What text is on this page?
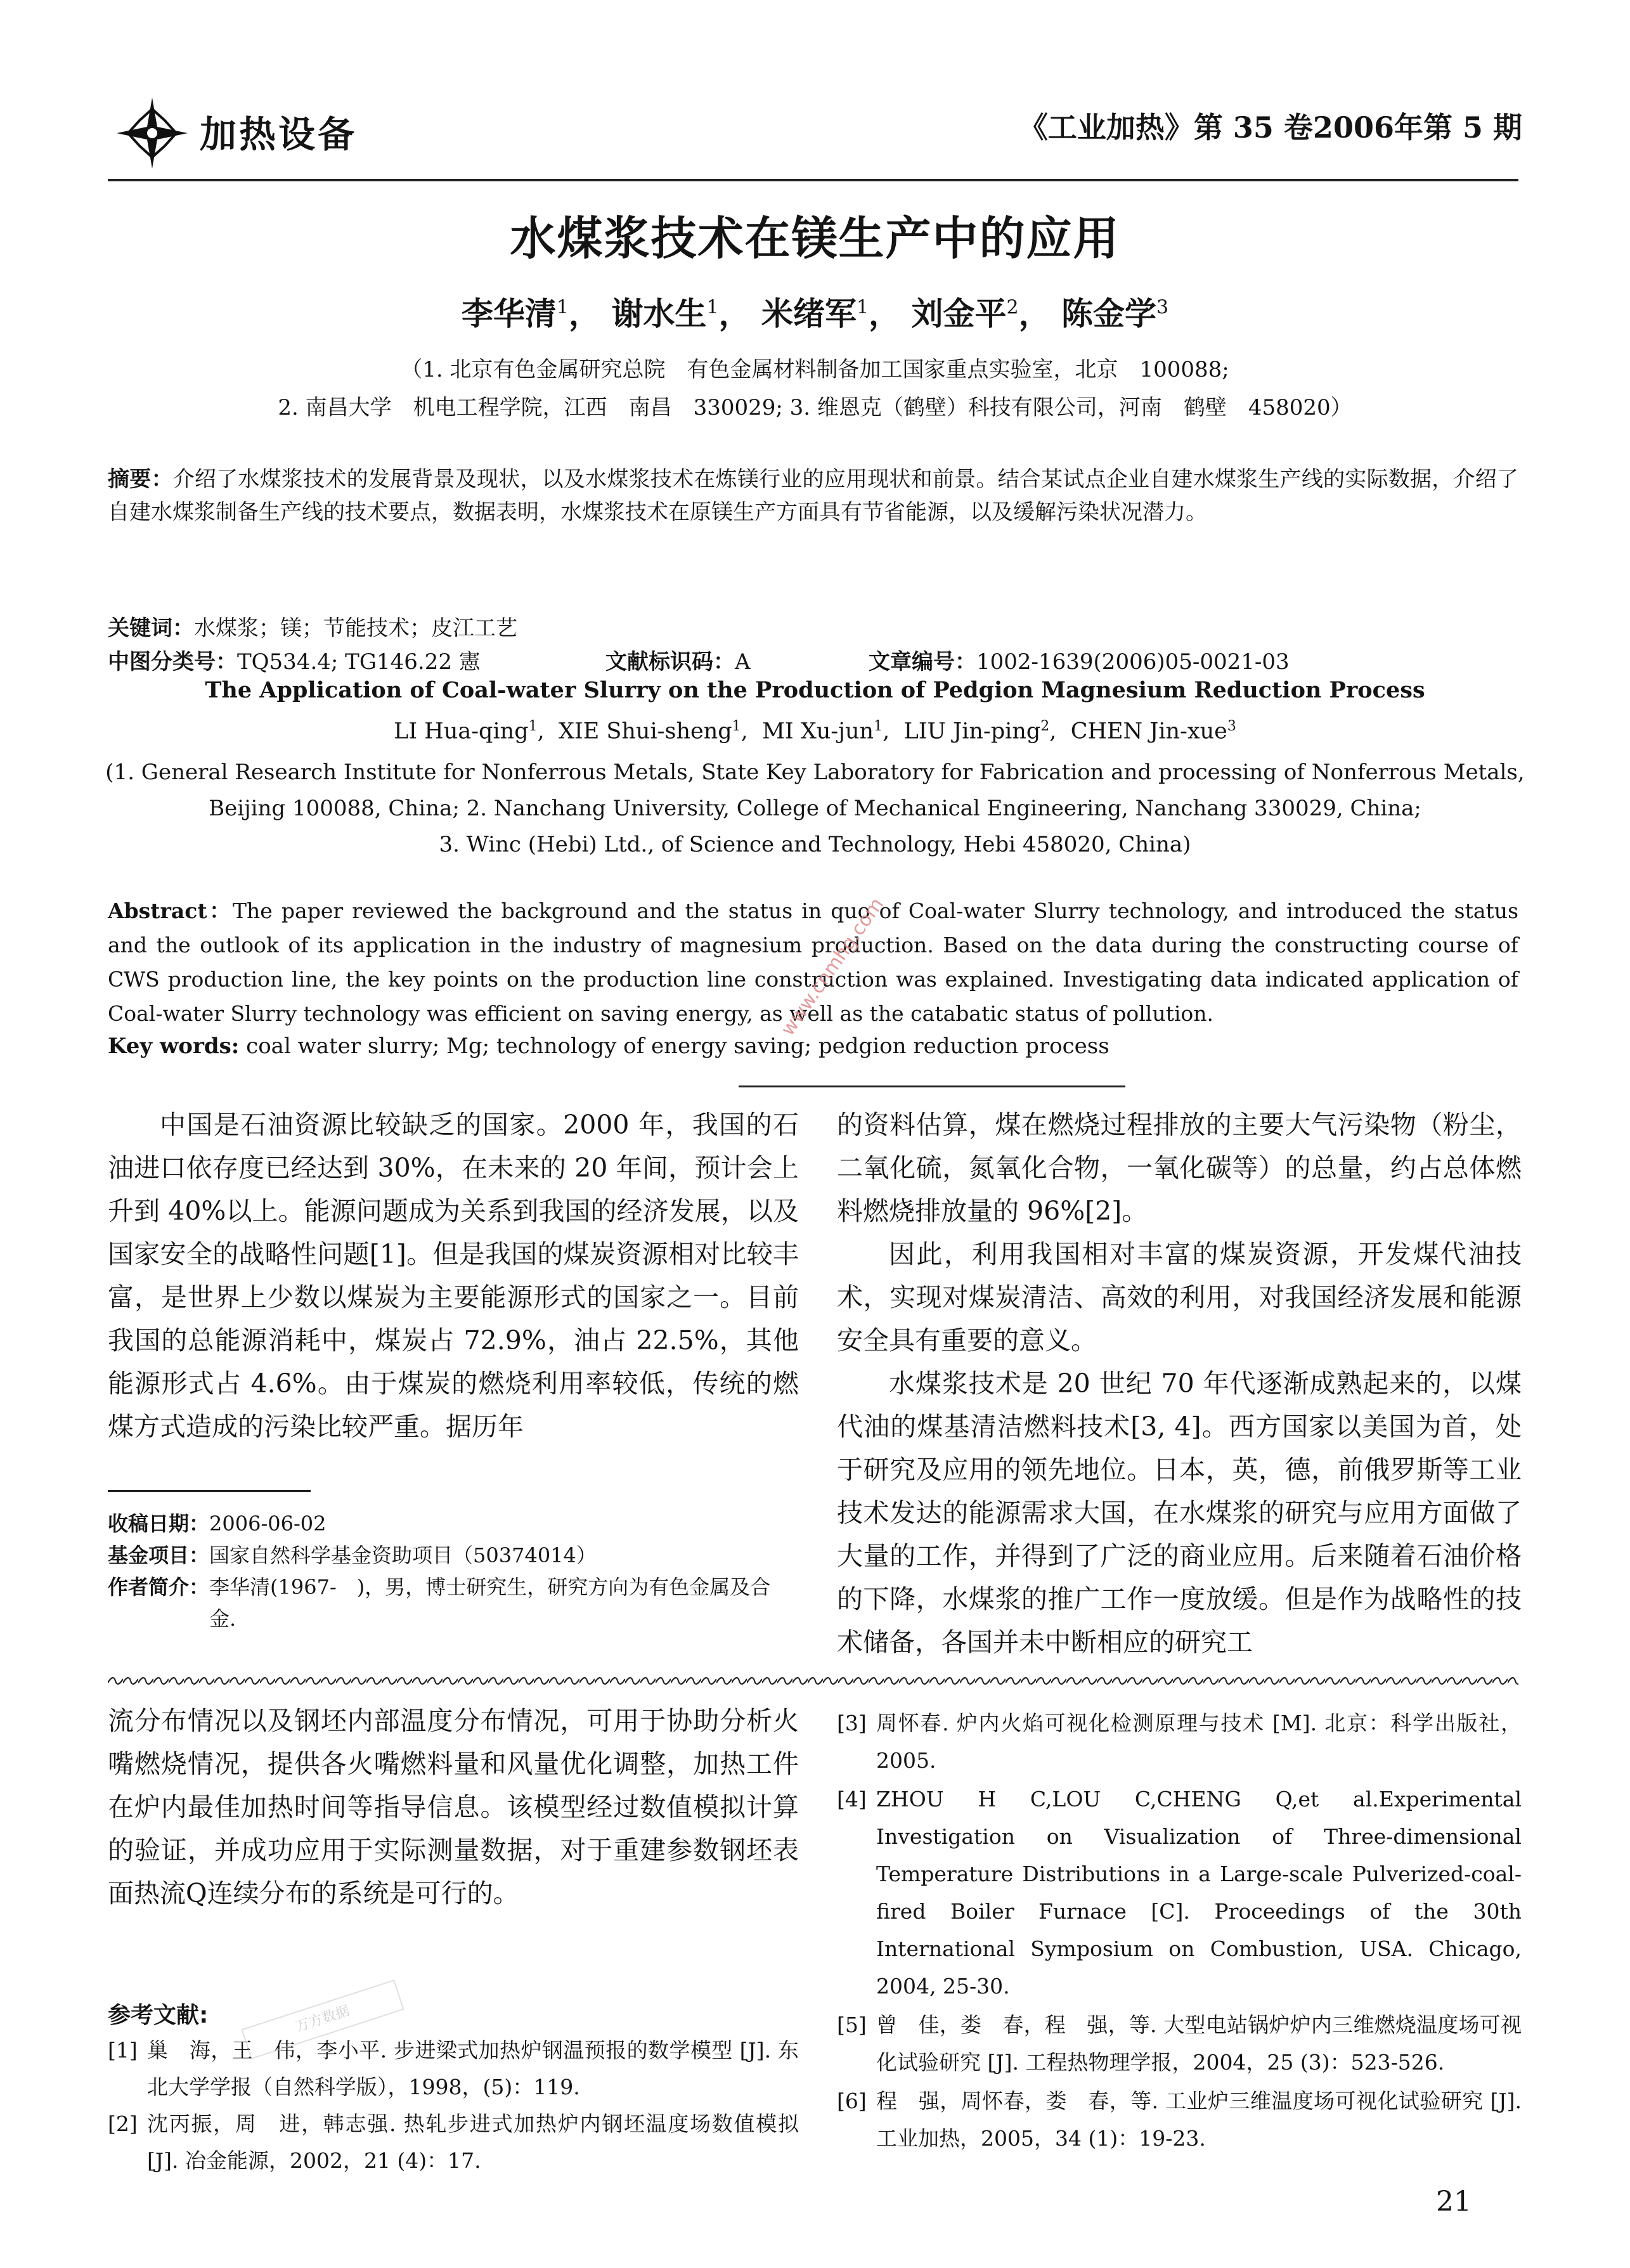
加热设备	《工业加热》第 35 卷2006年第 5 期
水煤浆技术在镁生产中的应用
李华清$^1$， 谢水生$^1$， 米绪军$^1$， 刘金平$^2$， 陈金学$^3$
（1. 北京有色金属研究总院　有色金属材料制备加工国家重点实验室，北京　100088;
2. 南昌大学　机电工程学院，江西　南昌　330029; 3. 维恩克（鹤壁）科技有限公司，河南　鹤壁　458020）
摘要：介绍了水煤浆技术的发展背景及现状，以及水煤浆技术在炼镁行业的应用现状和前景。结合某试点企业自建水煤浆生产线的实际数据，介绍了自建水煤浆制备生产线的技术要点，数据表明，水煤浆技术在原镁生产方面具有节省能源，以及缓解污染状况潜力。
关键词：水煤浆；镁；节能技术；皮江工艺
中图分类号：TQ534.4; TG146.22 憲	文献标识码：A	文章编号：1002-1639(2006)05-0021-03
The Application of Coal-water Slurry on the Production of Pedgion Magnesium Reduction Process
LI Hua-qing$^1$,  XIE Shui-sheng$^1$,  MI Xu-jun$^1$,  LIU Jin-ping$^2$,  CHEN Jin-xue$^3$
(1. General Research Institute for Nonferrous Metals, State Key Laboratory for Fabrication and processing of Nonferrous Metals,
Beijing 100088, China; 2. Nanchang University, College of Mechanical Engineering, Nanchang 330029, China;
3. Winc (Hebi) Ltd., of Science and Technology, Hebi 458020, China)
Abstract：The paper reviewed the background and the status in quo of Coal-water Slurry technology, and introduced the status and the outlook of its application in the industry of magnesium production. Based on the data during the constructing course of CWS production line, the key points on the production line construction was explained. Investigating data indicated application of Coal-water Slurry technology was efficient on saving energy, as well as the catabatic status of pollution.
Key words: coal water slurry; Mg; technology of energy saving; pedgion reduction process

中国是石油资源比较缺乏的国家。2000 年，我国的石油进口依存度已经达到 30%，在未来的 20 年间，预计会上升到 40%以上。能源问题成为关系到我国的经济发展，以及国家安全的战略性问题[1]。但是我国的煤炭资源相对比较丰富，是世界上少数以煤炭为主要能源形式的国家之一。目前我国的总能源消耗中，煤炭占 72.9%，油占 22.5%，其他能源形式占 4.6%。由于煤炭的燃烧利用率较低，传统的燃煤方式造成的污染比较严重。据历年

的资料估算，煤在燃烧过程排放的主要大气污染物（粉尘，二氧化硫，氮氧化合物，一氧化碳等）的总量，约占总体燃料燃烧排放量的 96%[2]。

因此，利用我国相对丰富的煤炭资源，开发煤代油技术，实现对煤炭清洁、高效的利用，对我国经济发展和能源安全具有重要的意义。

水煤浆技术是 20 世纪 70 年代逐渐成熟起来的，以煤代油的煤基清洁燃料技术[3, 4]。西方国家以美国为首，处于研究及应用的领先地位。日本，英，德，前俄罗斯等工业技术发达的能源需求大国，在水煤浆的研究与应用方面做了大量的工作，并得到了广泛的商业应用。后来随着石油价格的下降，水煤浆的推广工作一度放缓。但是作为战略性的技术储备，各国并未中断相应的研究工

收稿日期： 2006-06-02
基金项目： 国家自然科学基金资助项目（50374014）
作者简介： 李华清(1967-　)，男，博士研究生，研究方向为有色金属及合金.

流分布情况以及钢坯内部温度分布情况，可用于协助分析火嘴燃烧情况，提供各火嘴燃料量和风量优化调整，加热工件在炉内最佳加热时间等指导信息。该模型经过数值模拟计算的验证，并成功应用于实际测量数据，对于重建参数钢坯表面热流Q连续分布的系统是可行的。

参考文献:
[1] 巢　海，王　伟，李小平. 步进梁式加热炉钢温预报的数学模型 [J]. 东北大学学报（自然科学版），1998，(5)：119.
[2] 沈丙振，周　进，韩志强. 热轧步进式加热炉内钢坯温度场数值模拟 [J]. 冶金能源，2002，21 (4)：17.
[3] 周怀春. 炉内火焰可视化检测原理与技术 [M]. 北京：科学出版社，2005.
[4] ZHOU H C,LOU C,CHENG Q,et al.Experimental Investigation on Visualization of Three-dimensional Temperature Distributions in a Large-scale Pulverized-coal-fired Boiler Furnace [C]. Proceedings of the 30th International Symposium on Combustion, USA. Chicago, 2004, 25-30.
[5] 曾　佳，娄　春，程　强，等. 大型电站锅炉炉内三维燃烧温度场可视化试验研究 [J]. 工程热物理学报，2004，25 (3)：523-526.
[6] 程　强，周怀春，娄　春，等. 工业炉三维温度场可视化试验研究 [J]. 工业加热，2005，34 (1)：19-23.
21
www.cnmhg.com
万方数据
